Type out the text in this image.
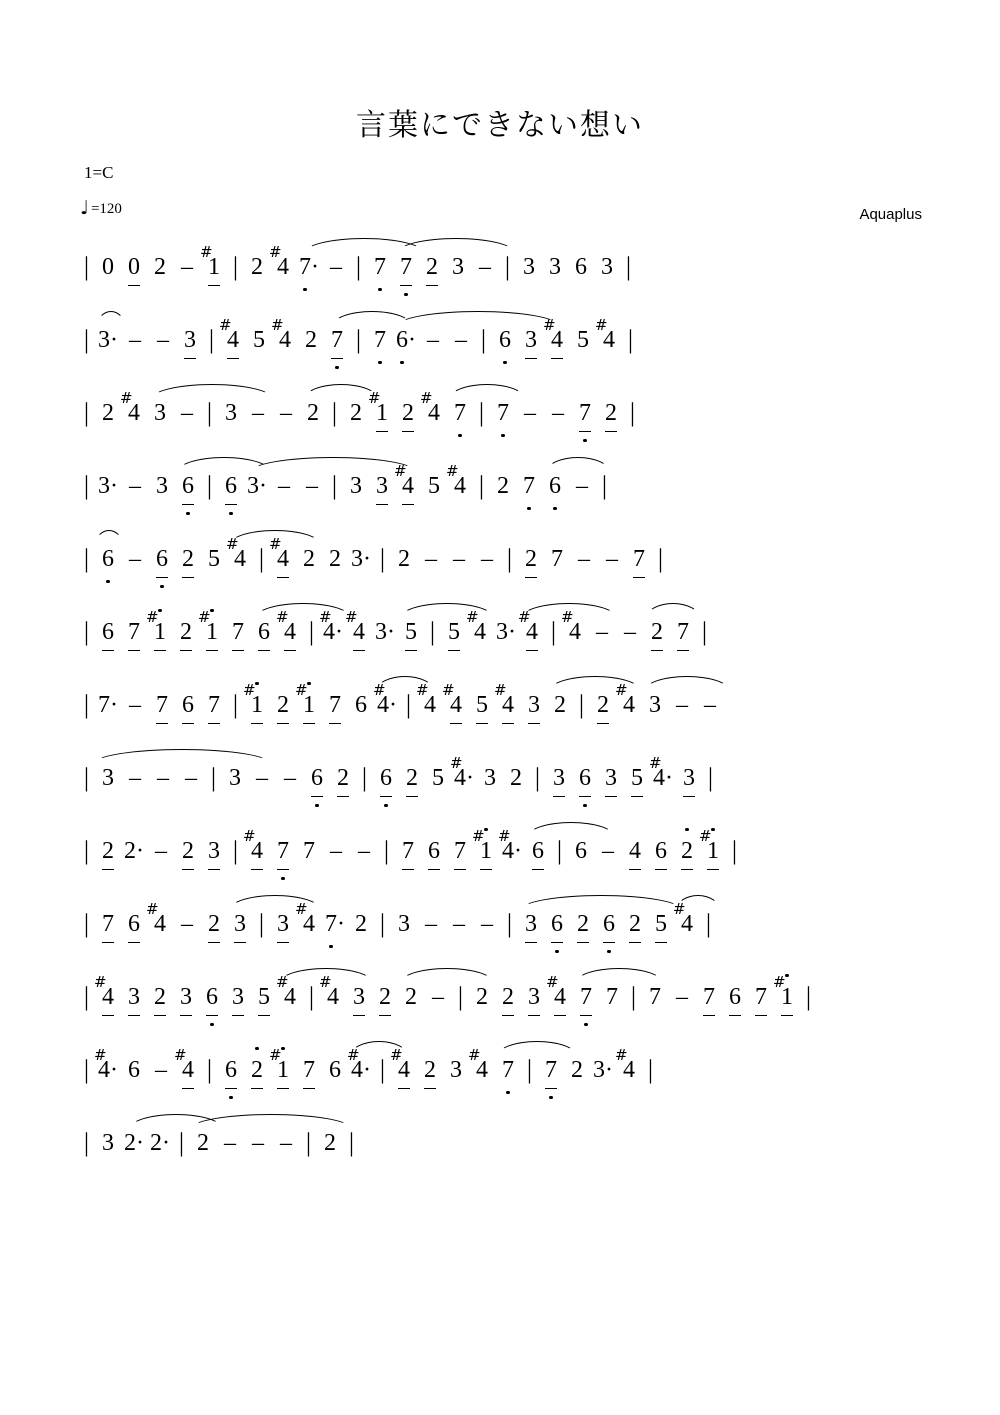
言葉にできない想い
1=C
♩ =120	Aquaplus
| 0 0 2 –
#
1 | 2
#
4 7· – | 7 7 2 3 – | 3 3 6 3 |
| 3· – – 3 | #
4 5
#
4 2 7 | 7 6· – – | 6 3
#
4 5
#
4 |
| 2
#
4 3 – | 3 – – 2 | 2
#
1 2
#
4 7 | 7 – – 7 2 |
| 3· – 3 6 | 6 3· – – | 3 3
#
4 5
#
4 | 2 7 6 – |
| 6 – 6 2 5
#
4 | #
4 2 2 3· | 2 – – – | 2 7 – – 7 |
| 6 7
#
1 2
#
1 7 6
#
4 | #
4·
#
4 3· 5 | 5
#
4 3·
#
4 | #
4 – – 2 7 |
| 7· – 7 6 7 | #
1 2
#
1 7 6
#
4· | #
4
#
4 5
#
4 3 2 | 2
#
4 3 – –
| 3 – – – | 3 – – 6 2 | 6 2 5
#
4· 3 2 | 3 6 3 5
#
4· 3 |
| 2 2· – 2 3 | #
4 7 7 – – | 7 6 7
#
1
#
4· 6 | 6 – 4 6 2
#
1 |
| 7 6
#
4 – 2 3 | 3
#
4 7· 2 | 3 – – – | 3 6 2 6 2 5
#
4 |
| #
4 3 2 3 6 3 5
#
4 | #
4 3 2 2 – | 2 2 3
#
4 7 7 | 7 – 7 6 7
#
1 |
| #
4· 6 –
#
4 | 6 2
#
1 7 6
#
4· | #
4 2 3
#
4 7 | 7 2 3·
#
4 |
| 3 2· 2· | 2 – – – | 2 |
